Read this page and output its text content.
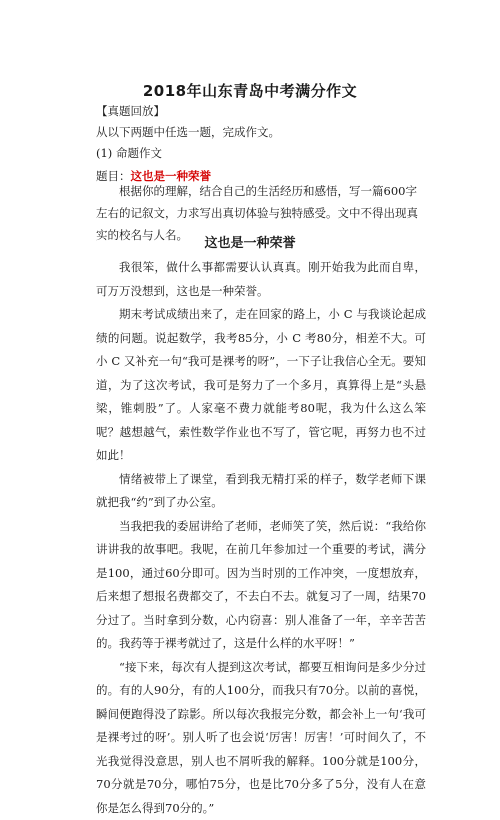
2018年山东青岛中考满分作文
【真题回放】
从以下两题中任选一题，完成作文。
(1) 命题作文
题目：这也是一种荣誉
根据你的理解，结合自己的生活经历和感悟，写一篇600字左右的记叙文，力求写出真切体验与独特感受。文中不得出现真实的校名与人名。
这也是一种荣誉

我很笨，做什么事都需要认认真真。刚开始我为此而自卑，可万万没想到，这也是一种荣誉。

期末考试成绩出来了，走在回家的路上，小 C 与我谈论起成绩的问题。说起数学，我考85分，小 C 考80分，相差不大。可小 C 又补充一句“我可是裸考的呀”，一下子让我信心全无。要知道，为了这次考试，我可是努力了一个多月，真算得上是“头悬梁，锥刺股”了。人家毫不费力就能考80呢，我为什么这么笨呢？越想越气，索性数学作业也不写了，管它呢，再努力也不过如此！

情绪被带上了课堂，看到我无精打采的样子，数学老师下课就把我“约”到了办公室。

当我把我的委屈讲给了老师，老师笑了笑，然后说：“我给你讲讲我的故事吧。我呢，在前几年参加过一个重要的考试，满分是100，通过60分即可。因为当时別的工作冲突，一度想放弃，后来想了想报名费都交了，不去白不去。就复习了一周，结果70分过了。当时拿到分数，心内窃喜：别人准备了一年，辛辛苦苦的。我药等于裸考就过了，这是什么样的水平呀！”

“接下来，每次有人提到这次考试，都要互相询问是多少分过的。有的人90分，有的人100分，而我只有70分。以前的喜悦，瞬间便跑得没了踪影。所以每次我报完分数，都会补上一句‘我可是裸考过的呀’。别人听了也会说‘厉害！厉害！’可时间久了，不光我觉得没意思，别人也不屑听我的解释。100分就是100分，70分就是70分，哪怕75分，也是比70分多了5分，没有人在意你是怎么得到70分的。”
